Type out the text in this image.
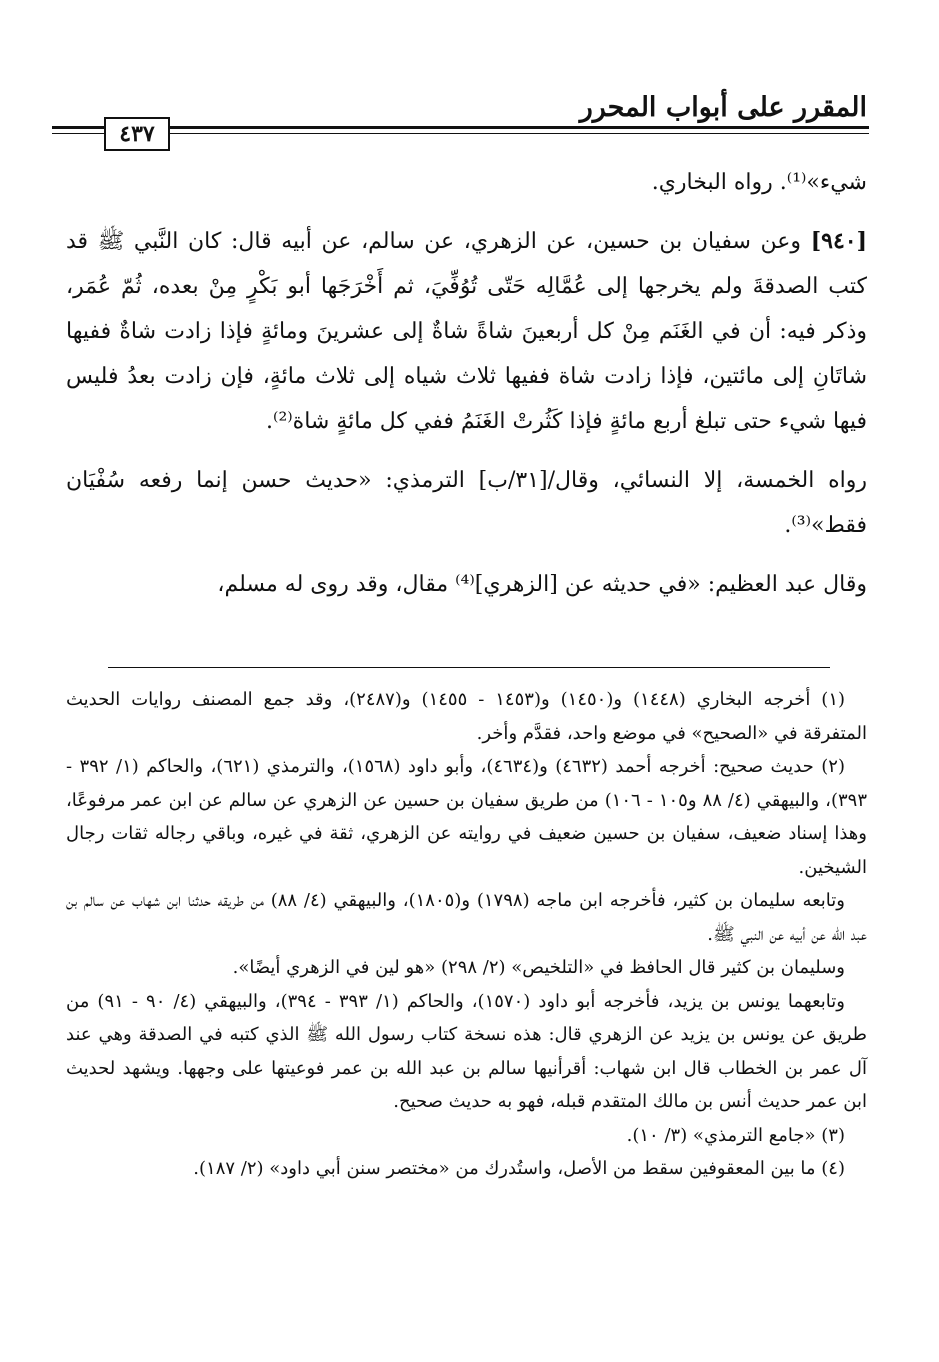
المقرر على أبواب المحرر
٤٣٧

شيء»⁽¹⁾. رواه البخاري.

[٩٤٠] وعن سفيان بن حسين، عن الزهري، عن سالم، عن أبيه قال: كان النَّبي ﷺ قد كتب الصدقةَ ولم يخرجها إلى عُمَّالِه حَتّى تُوُفِّيَ، ثم أَخْرَجَها أبو بَكْرٍ مِنْ بعده، ثُمّ عُمَر، وذكر فيه: أن في الغَنَم مِنْ كل أربعينَ شاةً شاةٌ إلى عشرينَ ومائةٍ فإذا زادت شاةٌ ففيها شاتَانِ إلى مائتين، فإذا زادت شاة ففيها ثلاث شياه إلى ثلاث مائةٍ، فإن زادت بعدُ فليس فيها شيء حتى تبلغ أربع مائةٍ فإذا كَثُرتْ الغَنَمُ ففي كل مائةٍ شاة⁽²⁾.

رواه الخمسة، إلا النسائي، وقال/[٣١/ب] الترمذي: «حديث حسن إنما رفعه سُفْيَان فقط»⁽³⁾.

وقال عبد العظيم: «في حديثه عن [الزهري]⁽⁴⁾ مقال، وقد روى له مسلم،

(١) أخرجه البخاري (١٤٤٨) و(١٤٥٠) و(١٤٥٣ - ١٤٥٥) و(٢٤٨٧)، وقد جمع المصنف روايات الحديث المتفرقة في «الصحيح» في موضع واحد، فقدَّم وأخر.

(٢) حديث صحيح: أخرجه أحمد (٤٦٣٢) و(٤٦٣٤)، وأبو داود (١٥٦٨)، والترمذي (٦٢١)، والحاكم (١/ ٣٩٢ - ٣٩٣)، والبيهقي (٤/ ٨٨ و١٠٥ - ١٠٦) من طريق سفيان بن حسين عن الزهري عن سالم عن ابن عمر مرفوعًا، وهذا إسناد ضعيف، سفيان بن حسين ضعيف في روايته عن الزهري، ثقة في غيره، وباقي رجاله ثقات رجال الشيخين.

وتابعه سليمان بن كثير، فأخرجه ابن ماجه (١٧٩٨) و(١٨٠٥)، والبيهقي (٤/ ٨٨) من طريقه حدثنا ابن شهاب عن سالم بن عبد الله عن أبيه عن النبي ﷺ.

وسليمان بن كثير قال الحافظ في «التلخيص» (٢/ ٢٩٨) «هو لين في الزهري أيضًا».

وتابعهما يونس بن يزيد، فأخرجه أبو داود (١٥٧٠)، والحاكم (١/ ٣٩٣ - ٣٩٤)، والبيهقي (٤/ ٩٠ - ٩١) من طريق عن يونس بن يزيد عن الزهري قال: هذه نسخة كتاب رسول الله ﷺ الذي كتبه في الصدقة وهي عند آل عمر بن الخطاب قال ابن شهاب: أقرأنيها سالم بن عبد الله بن عمر فوعيتها على وجهها. ويشهد لحديث ابن عمر حديث أنس بن مالك المتقدم قبله، فهو به حديث صحيح.

(٣) «جامع الترمذي» (٣/ ١٠).

(٤) ما بين المعقوفين سقط من الأصل، واستُدرك من «مختصر سنن أبي داود» (٢/ ١٨٧).
